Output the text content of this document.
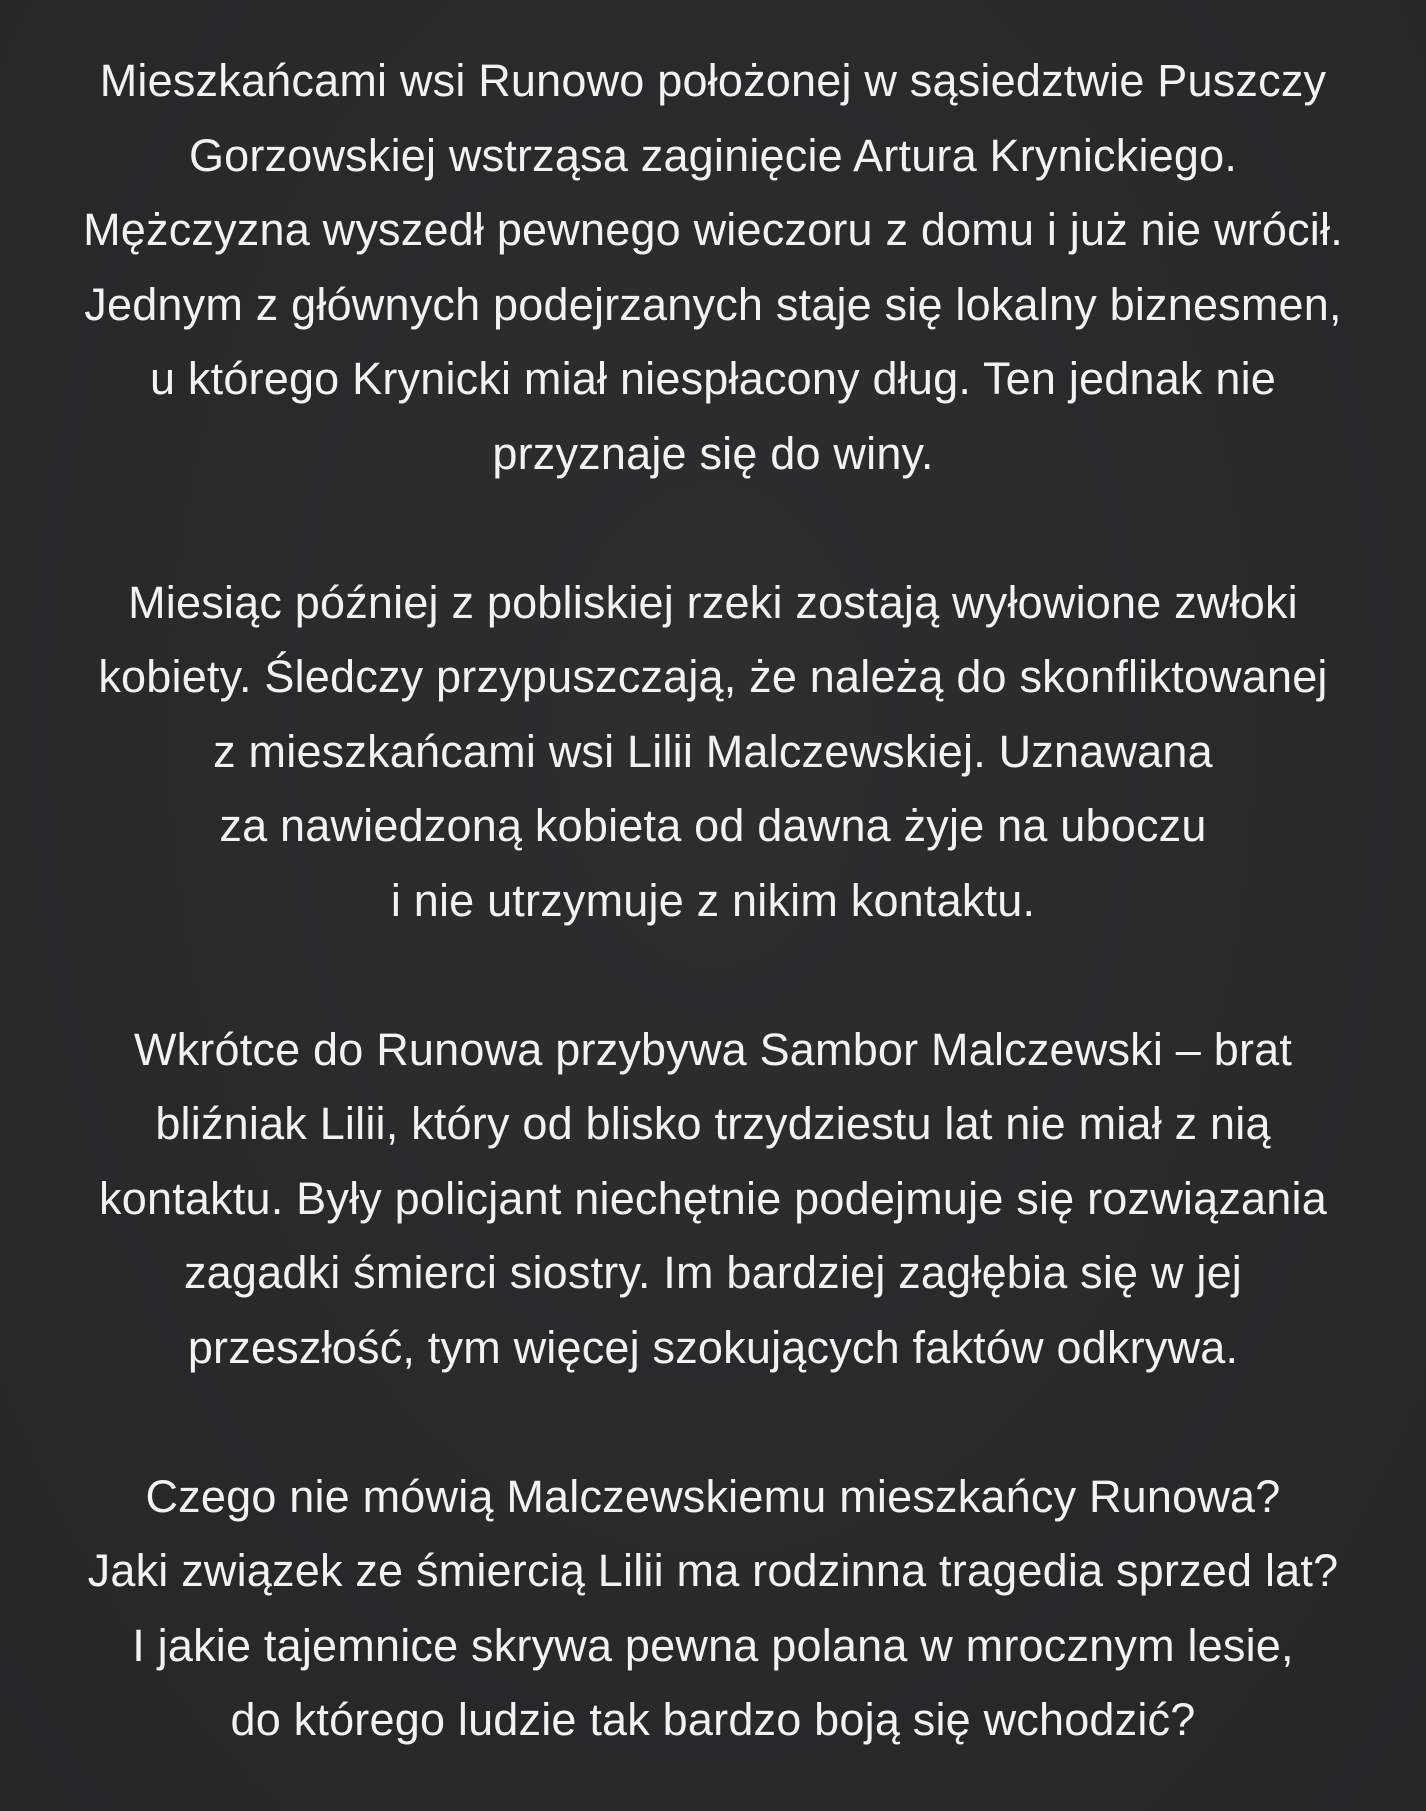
Mieszkańcami wsi Runowo położonej w sąsiedztwie Puszczy
Gorzowskiej wstrząsa zaginięcie Artura Krynickiego.
Mężczyzna wyszedł pewnego wieczoru z domu i już nie wrócił.
Jednym z głównych podejrzanych staje się lokalny biznesmen,
u którego Krynicki miał niespłacony dług. Ten jednak nie
przyznaje się do winy.

Miesiąc później z pobliskiej rzeki zostają wyłowione zwłoki
kobiety. Śledczy przypuszczają, że należą do skonfliktowanej
z mieszkańcami wsi Lilii Malczewskiej. Uznawana
za nawiedzoną kobieta od dawna żyje na uboczu
i nie utrzymuje z nikim kontaktu.

Wkrótce do Runowa przybywa Sambor Malczewski – brat
bliźniak Lilii, który od blisko trzydziestu lat nie miał z nią
kontaktu. Były policjant niechętnie podejmuje się rozwiązania
zagadki śmierci siostry. Im bardziej zagłębia się w jej
przeszłość, tym więcej szokujących faktów odkrywa.

Czego nie mówią Malczewskiemu mieszkańcy Runowa?
Jaki związek ze śmiercią Lilii ma rodzinna tragedia sprzed lat?
I jakie tajemnice skrywa pewna polana w mrocznym lesie,
do którego ludzie tak bardzo boją się wchodzić?
